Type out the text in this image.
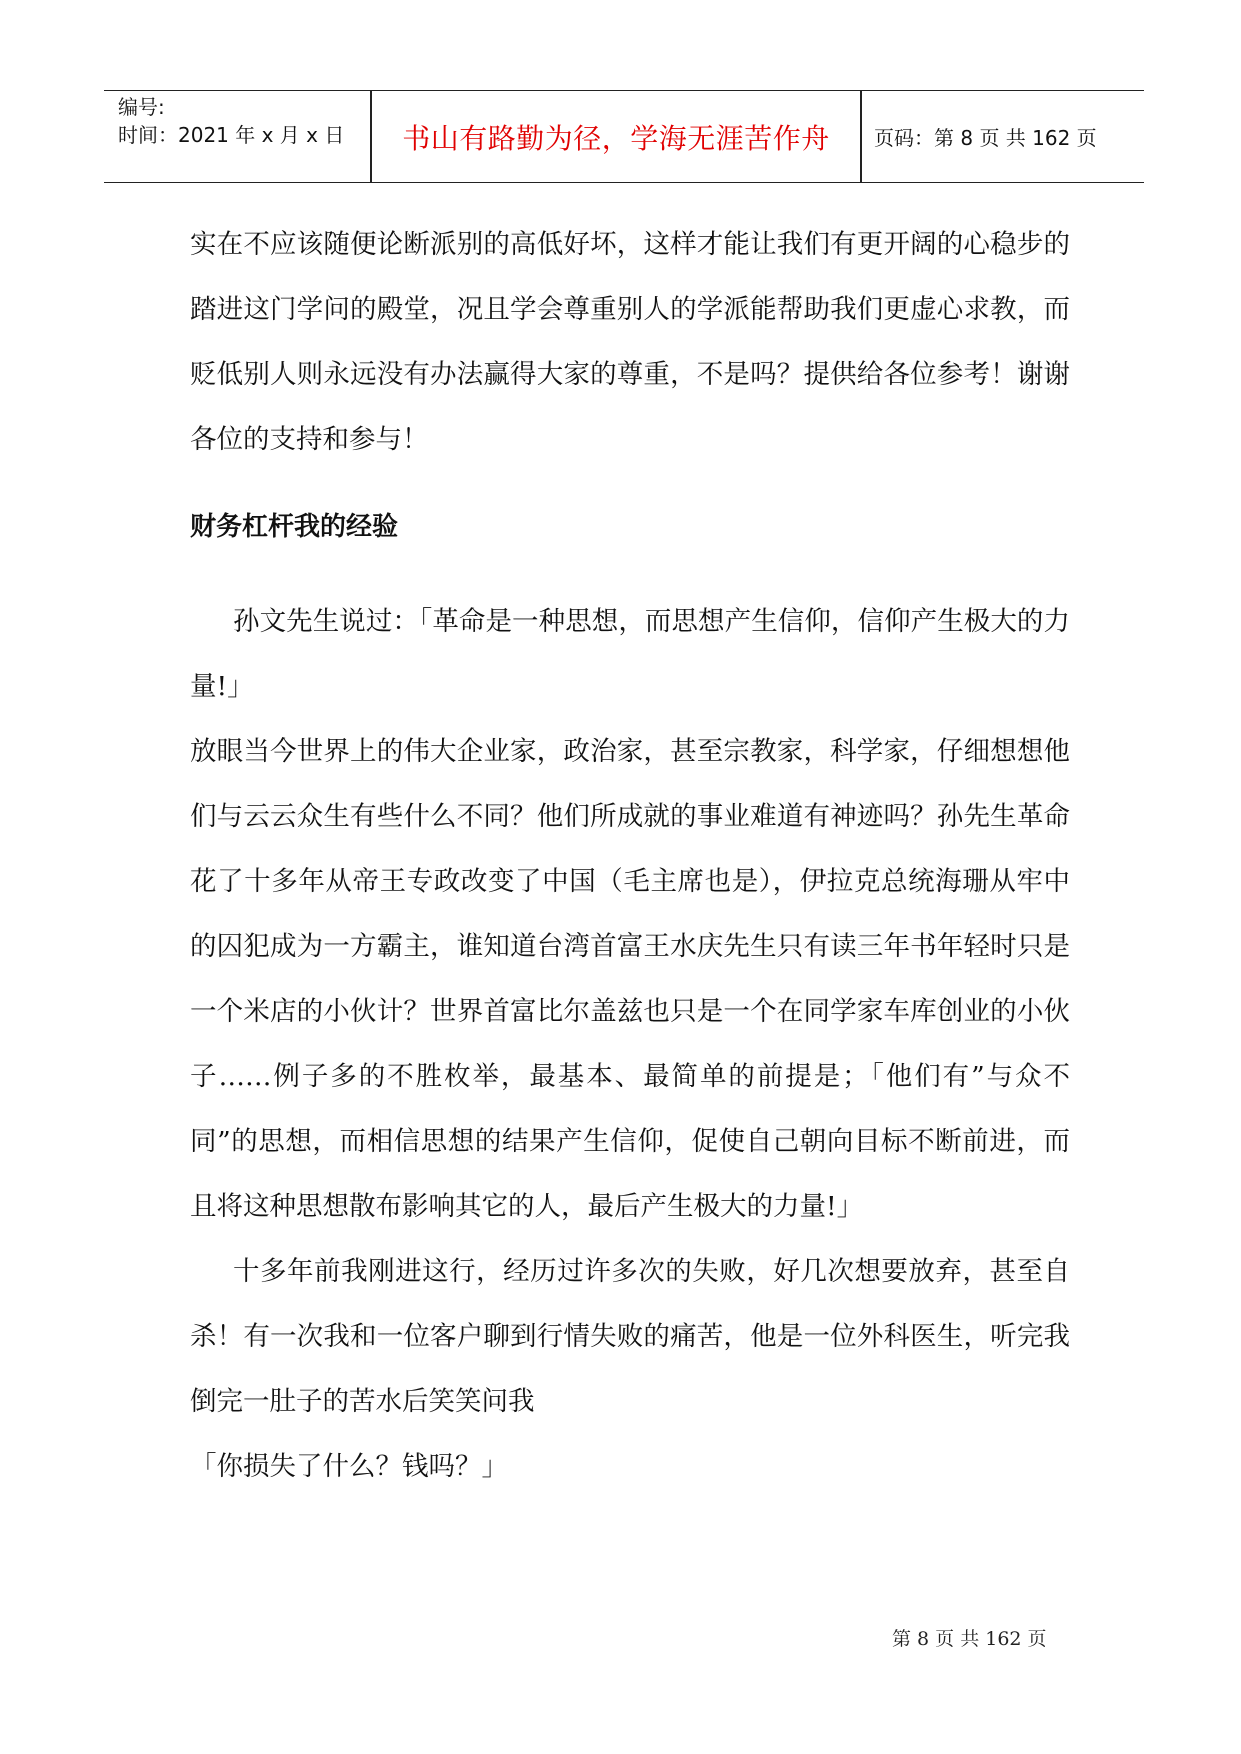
编号:
时间：2021 年 x 月 x 日	书山有路勤为径，学海无涯苦作舟	页码：第 8 页 共 162 页

实在不应该随便论断派别的高低好坏，这样才能让我们有更开阔的心稳步的踏进这门学问的殿堂，况且学会尊重别人的学派能帮助我们更虚心求教，而贬低别人则永远没有办法赢得大家的尊重，不是吗？提供给各位参考！谢谢各位的支持和参与！

财务杠杆我的经验

孙文先生说过：「革命是一种思想，而思想产生信仰，信仰产生极大的力量!」

放眼当今世界上的伟大企业家，政治家，甚至宗教家，科学家，仔细想想他们与云云众生有些什么不同？他们所成就的事业难道有神迹吗？孙先生革命花了十多年从帝王专政改变了中国（毛主席也是），伊拉克总统海珊从牢中的囚犯成为一方霸主，谁知道台湾首富王水庆先生只有读三年书年轻时只是一个米店的小伙计？世界首富比尔盖兹也只是一个在同学家车库创业的小伙子……例子多的不胜枚举，最基本、最简单的前提是；「他们有”与众不同”的思想，而相信思想的结果产生信仰，促使自己朝向目标不断前进，而且将这种思想散布影响其它的人，最后产生极大的力量!」

十多年前我刚进这行，经历过许多次的失败，好几次想要放弃，甚至自杀！有一次我和一位客户聊到行情失败的痛苦，他是一位外科医生，听完我倒完一肚子的苦水后笑笑问我

「你损失了什么？钱吗？」

第 8 页 共 162 页
